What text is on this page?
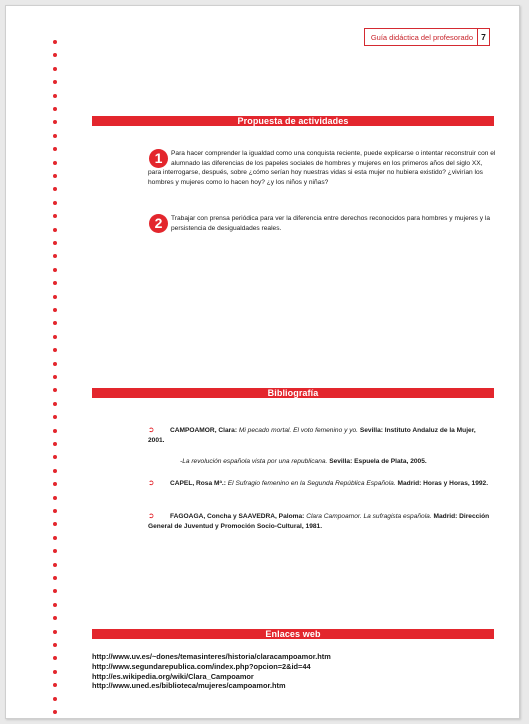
Guía didáctica del profesorado 7
Propuesta de actividades
1	Para hacer comprender la igualdad como una conquista reciente, puede explicarse o intentar reconstruir con el alumnado las diferencias de los papeles sociales de hombres y mujeres en los primeros años del siglo XX, para interrogarse, después, sobre ¿cómo serían hoy nuestras vidas si esta mujer no hubiera existido? ¿vivirían los hombres y mujeres como lo hacen hoy? ¿y los niños y niñas?
2	Trabajar con prensa periódica para ver la diferencia entre derechos reconocidos para hombres y mujeres y la persistencia de desigualdades reales.
Bibliografía
➲ CAMPOAMOR, Clara: Mi pecado mortal. El voto femenino y yo. Sevilla: Instituto Andaluz de la Mujer, 2001.
-La revolución española vista por una republicana. Sevilla: Espuela de Plata, 2005.
➲ CAPEL, Rosa Mª.: El Sufragio femenino en la Segunda República Española. Madrid: Horas y Horas, 1992.
➲ FAGOAGA, Concha y SAAVEDRA, Paloma: Clara Campoamor. La sufragista española. Madrid: Dirección General de Juventud y Promoción Socio-Cultural, 1981.
Enlaces web
http://www.uv.es/~dones/temasinteres/historia/claracampoamor.htm
http://www.segundarepublica.com/index.php?opcion=2&id=44
http://es.wikipedia.org/wiki/Clara_Campoamor
http://www.uned.es/biblioteca/mujeres/campoamor.htm
